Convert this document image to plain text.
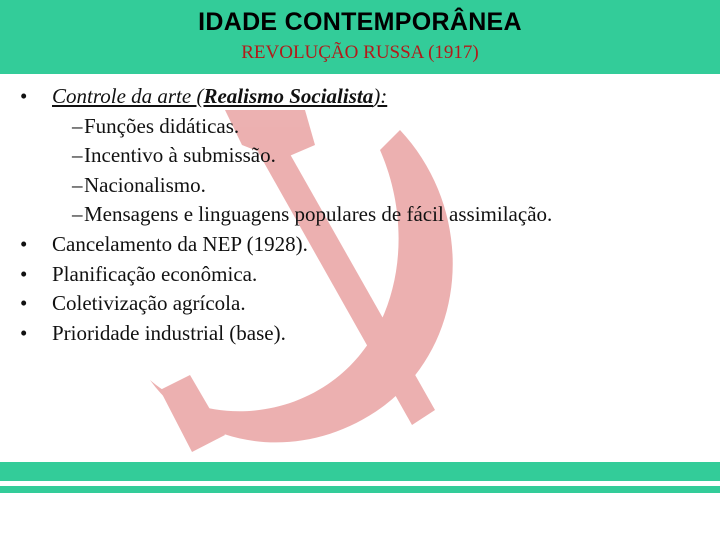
IDADE CONTEMPORÂNEA
REVOLUÇÃO RUSSA (1917)
• Controle da arte (Realismo Socialista):
– Funções didáticas.
– Incentivo à submissão.
– Nacionalismo.
– Mensagens e linguagens populares de fácil assimilação.
• Cancelamento da NEP (1928).
• Planificação econômica.
• Coletivização agrícola.
• Prioridade industrial (base).
